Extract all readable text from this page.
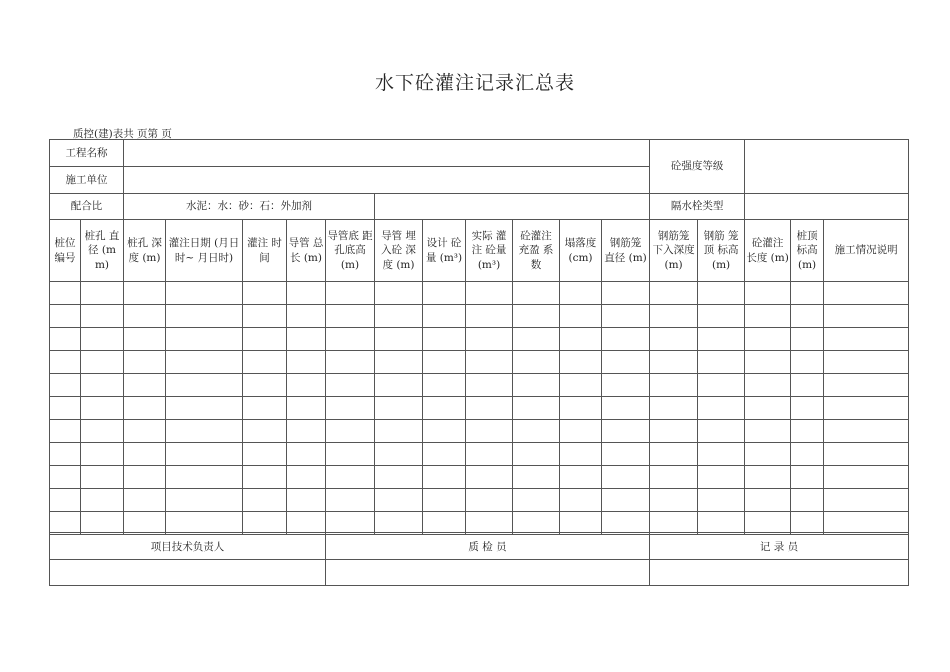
水下砼灌注记录汇总表
质控(建)表共 页第 页
工程名称													砼强度等级				
施工单位																	
配合比		水泥：水：砂：石：外加剂											隔水栓类型				
桩位编号	桩孔 直径 (mm)	桩孔 深度 (m)	灌注日期 (月日时~ 月日时)	灌注 时间	导管 总长 (m)	导管底 距孔底高 (m)	导管 埋入砼 深 度 (m)	设计 砼量 (m³)	实际 灌注 砼量 (m³)	砼灌注 充盈 系数	塌落度 (cm)	钢筋笼 直径 (m)	钢筋笼 下入深度 (m)	钢筋 笼顶 标高 (m)	砼灌注 长度 (m)	桩顶 标高 (m)	施工情况说明

项目技术负责人	质 检 员	记 录 员
